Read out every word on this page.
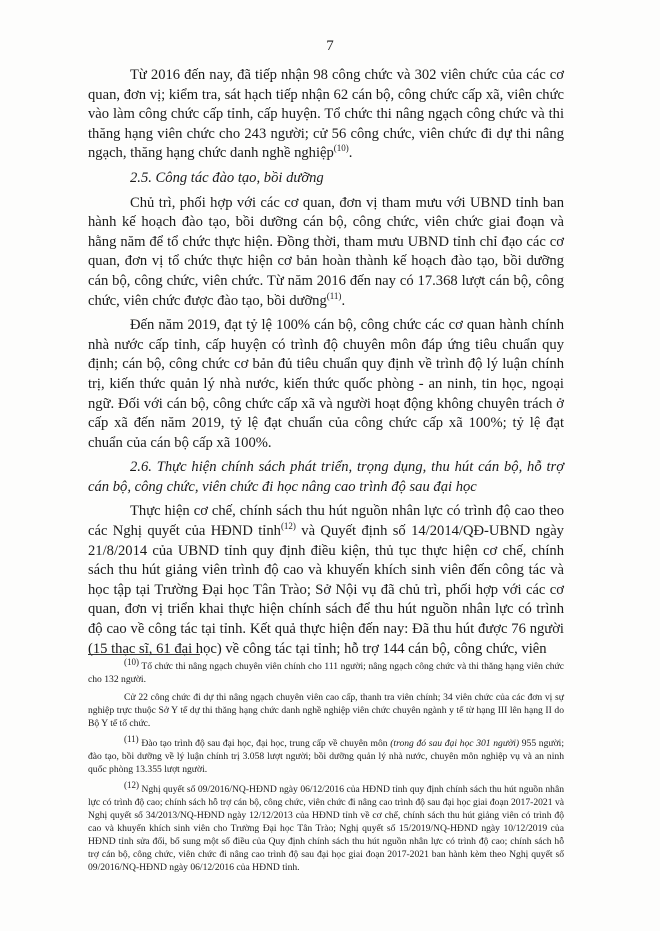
7

Từ 2016 đến nay, đã tiếp nhận 98 công chức và 302 viên chức của các cơ quan, đơn vị; kiểm tra, sát hạch tiếp nhận 62 cán bộ, công chức cấp xã, viên chức vào làm công chức cấp tỉnh, cấp huyện. Tổ chức thi nâng ngạch công chức và thi thăng hạng viên chức cho 243 người; cử 56 công chức, viên chức đi dự thi nâng ngạch, thăng hạng chức danh nghề nghiệp$^{(10)}$.

2.5. Công tác đào tạo, bồi dưỡng

Chủ trì, phối hợp với các cơ quan, đơn vị tham mưu với UBND tỉnh ban hành kế hoạch đào tạo, bồi dưỡng cán bộ, công chức, viên chức giai đoạn và hằng năm để tổ chức thực hiện. Đồng thời, tham mưu UBND tỉnh chỉ đạo các cơ quan, đơn vị tổ chức thực hiện cơ bản hoàn thành kế hoạch đào tạo, bồi dưỡng cán bộ, công chức, viên chức. Từ năm 2016 đến nay có 17.368 lượt cán bộ, công chức, viên chức được đào tạo, bồi dưỡng$^{(11)}$.

Đến năm 2019, đạt tỷ lệ 100% cán bộ, công chức các cơ quan hành chính nhà nước cấp tỉnh, cấp huyện có trình độ chuyên môn đáp ứng tiêu chuẩn quy định; cán bộ, công chức cơ bản đủ tiêu chuẩn quy định về trình độ lý luận chính trị, kiến thức quản lý nhà nước, kiến thức quốc phòng - an ninh, tin học, ngoại ngữ. Đối với cán bộ, công chức cấp xã và người hoạt động không chuyên trách ở cấp xã đến năm 2019, tỷ lệ đạt chuẩn của công chức cấp xã 100%; tỷ lệ đạt chuẩn của cán bộ cấp xã 100%.

2.6. Thực hiện chính sách phát triển, trọng dụng, thu hút cán bộ, hỗ trợ cán bộ, công chức, viên chức đi học nâng cao trình độ sau đại học

Thực hiện cơ chế, chính sách thu hút nguồn nhân lực có trình độ cao theo các Nghị quyết của HĐND tỉnh$^{(12)}$ và Quyết định số 14/2014/QĐ-UBND ngày 21/8/2014 của UBND tỉnh quy định điều kiện, thủ tục thực hiện cơ chế, chính sách thu hút giảng viên trình độ cao và khuyến khích sinh viên đến công tác và học tập tại Trường Đại học Tân Trào; Sở Nội vụ đã chủ trì, phối hợp với các cơ quan, đơn vị triển khai thực hiện chính sách để thu hút nguồn nhân lực có trình độ cao về công tác tại tỉnh. Kết quả thực hiện đến nay: Đã thu hút được 76 người (15 thạc sĩ, 61 đại học) về công tác tại tỉnh; hỗ trợ 144 cán bộ, công chức, viên

$^{(10)}$ Tổ chức thi nâng ngạch chuyên viên chính cho 111 người; nâng ngạch công chức và thi thăng hạng viên chức cho 132 người.

Cử 22 công chức đi dự thi nâng ngạch chuyên viên cao cấp, thanh tra viên chính; 34 viên chức của các đơn vị sự nghiệp trực thuộc Sở Y tế dự thi thăng hạng chức danh nghề nghiệp viên chức chuyên ngành y tế từ hạng III lên hạng II do Bộ Y tế tổ chức.

$^{(11)}$ Đào tạo trình độ sau đại học, đại học, trung cấp về chuyên môn (trong đó sau đại học 301 người) 955 người; đào tạo, bồi dưỡng về lý luận chính trị 3.058 lượt người; bồi dưỡng quản lý nhà nước, chuyên môn nghiệp vụ và an ninh quốc phòng 13.355 lượt người.

$^{(12)}$ Nghị quyết số 09/2016/NQ-HĐND ngày 06/12/2016 của HĐND tỉnh quy định chính sách thu hút nguồn nhân lực có trình độ cao; chính sách hỗ trợ cán bộ, công chức, viên chức đi nâng cao trình độ sau đại học giai đoạn 2017-2021 và Nghị quyết số 34/2013/NQ-HĐND ngày 12/12/2013 của HĐND tỉnh về cơ chế, chính sách thu hút giảng viên có trình độ cao và khuyến khích sinh viên cho Trường Đại học Tân Trào; Nghị quyết số 15/2019/NQ-HĐND ngày 10/12/2019 của HĐND tỉnh sửa đổi, bổ sung một số điều của Quy định chính sách thu hút nguồn nhân lực có trình độ cao; chính sách hỗ trợ cán bộ, công chức, viên chức đi nâng cao trình độ sau đại học giai đoạn 2017-2021 ban hành kèm theo Nghị quyết số 09/2016/NQ-HĐND ngày 06/12/2016 của HĐND tỉnh.
